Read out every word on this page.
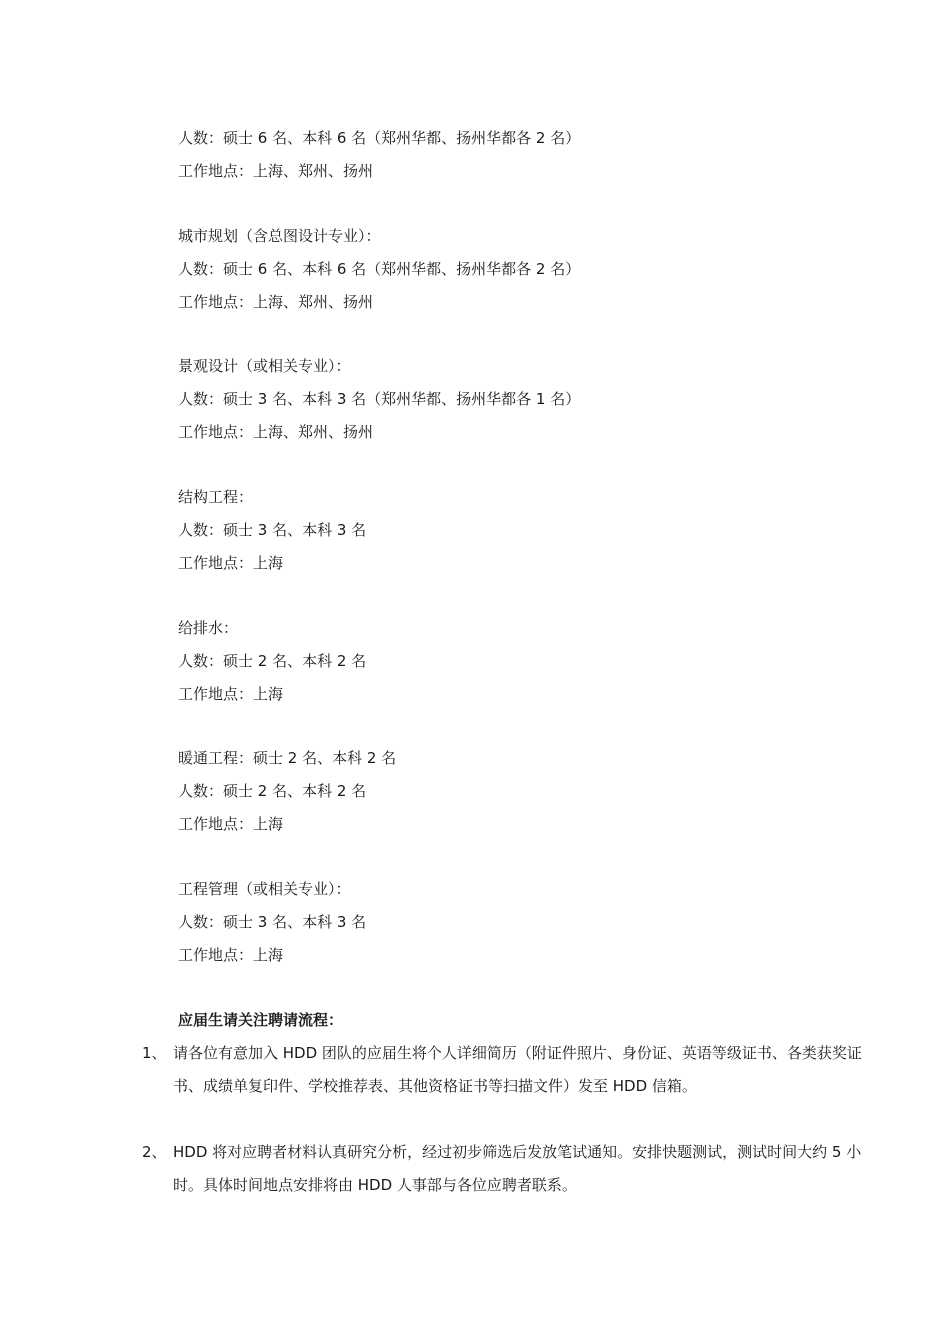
人数：硕士 6 名、本科 6 名（郑州华都、扬州华都各 2 名）
工作地点：上海、郑州、扬州
城市规划（含总图设计专业）：
人数：硕士 6 名、本科 6 名（郑州华都、扬州华都各 2 名）
工作地点：上海、郑州、扬州
景观设计（或相关专业）：
人数：硕士 3 名、本科 3 名（郑州华都、扬州华都各 1 名）
工作地点：上海、郑州、扬州
结构工程：
人数：硕士 3 名、本科 3 名
工作地点：上海
给排水：
人数：硕士 2 名、本科 2 名
工作地点：上海
暖通工程：硕士 2 名、本科 2 名
人数：硕士 2 名、本科 2 名
工作地点：上海
工程管理（或相关专业）：
人数：硕士 3 名、本科 3 名
工作地点：上海
应届生请关注聘请流程：
1、 请各位有意加入 HDD 团队的应届生将个人详细简历（附证件照片、身份证、英语等级证书、各类获奖证书、成绩单复印件、学校推荐表、其他资格证书等扫描文件）发至 HDD 信箱。
2、 HDD 将对应聘者材料认真研究分析，经过初步筛选后发放笔试通知。安排快题测试，测试时间大约 5 小时。具体时间地点安排将由 HDD 人事部与各位应聘者联系。
